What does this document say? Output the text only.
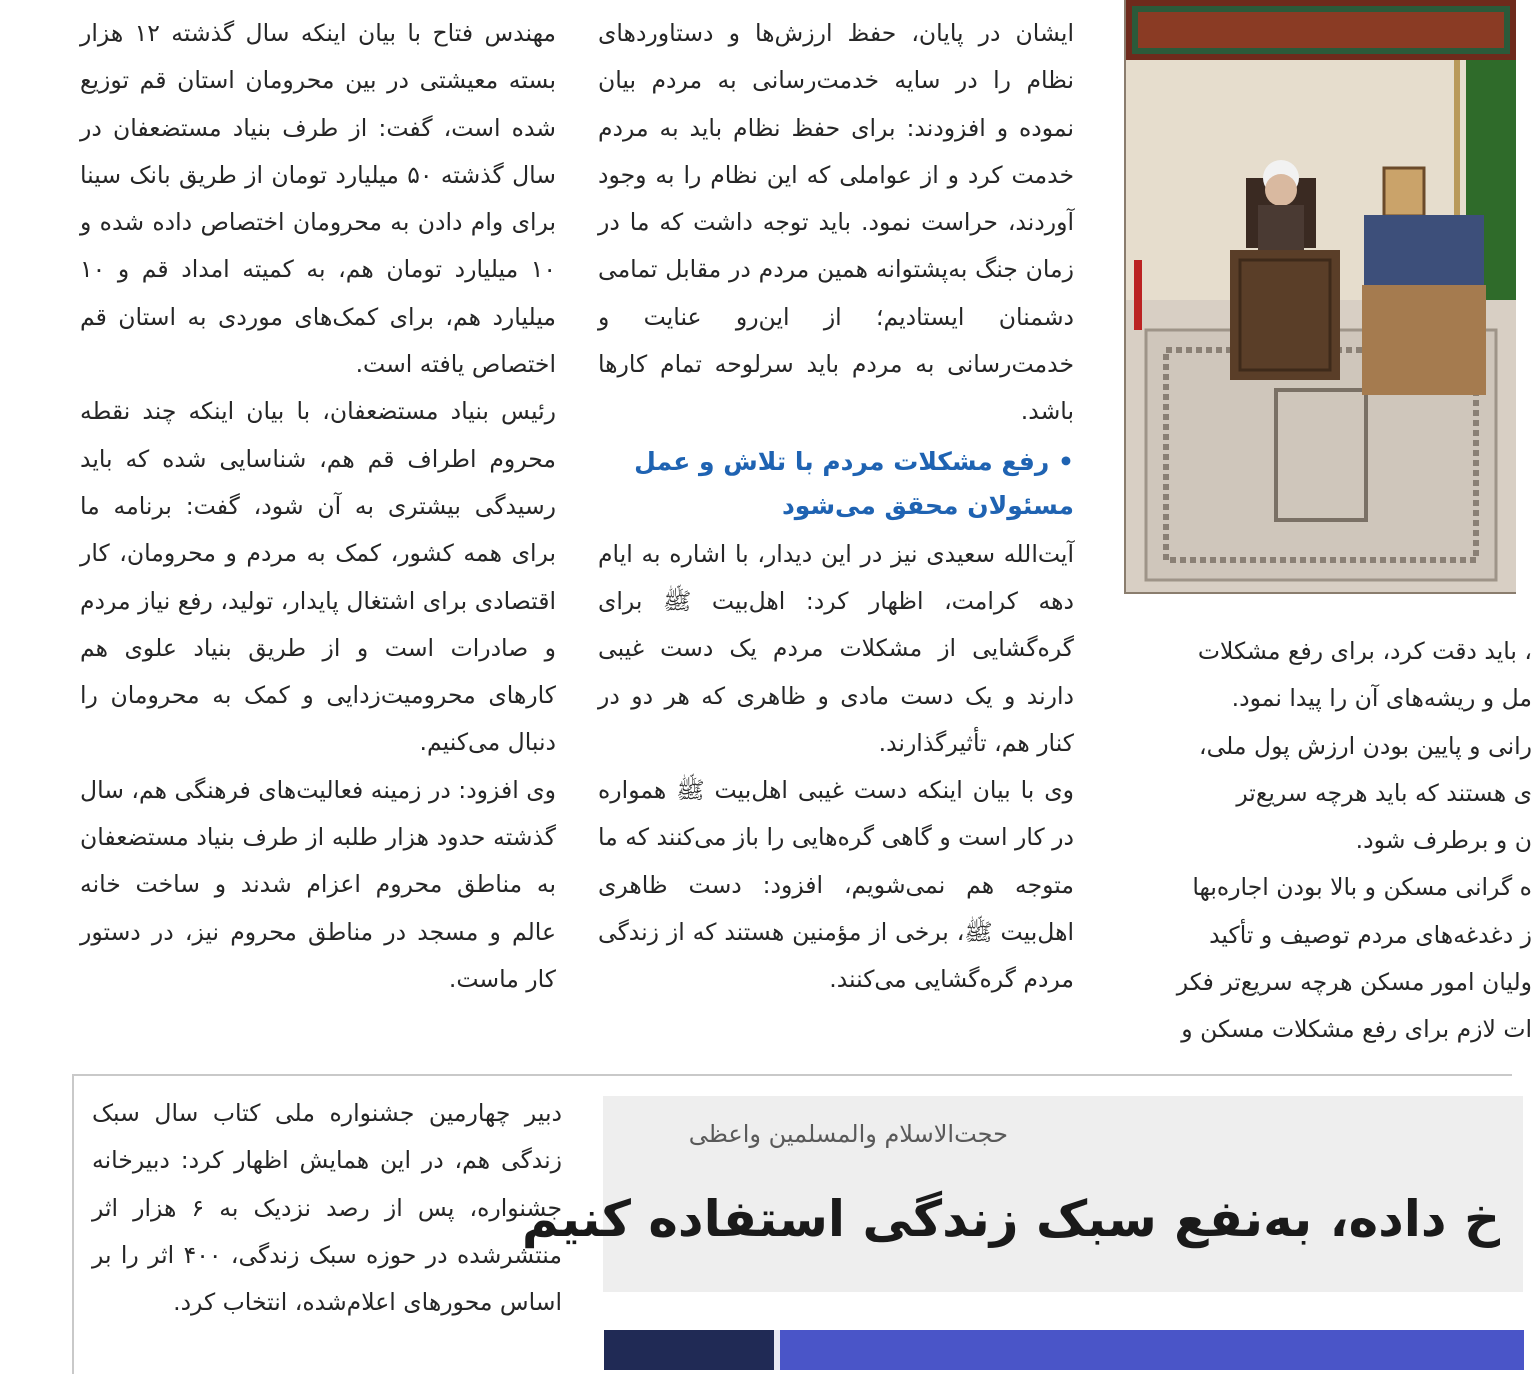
مهندس فتاح با بیان اینکه سال گذشته ۱۲ هزار بسته معیشتی در بین محرومان استان قم توزیع شده است، گفت: از طرف بنیاد مستضعفان در سال گذشته ۵۰ میلیارد تومان از طریق بانک سینا برای وام دادن به محرومان اختصاص داده شده و ۱۰ میلیارد تومان هم، به کمیته امداد قم و ۱۰ میلیارد هم، برای کمک‌های موردی به استان قم اختصاص یافته است.

رئیس بنیاد مستضعفان، با بیان اینکه چند نقطه محروم اطراف قم هم، شناسایی شده که باید رسیدگی بیشتری به آن شود، گفت: برنامه ما برای همه کشور، کمک به مردم و محرومان، کار اقتصادی برای اشتغال پایدار، تولید، رفع نیاز مردم و صادرات است و از طریق بنیاد علوی هم کارهای محرومیت‌زدایی و کمک به محرومان را دنبال می‌کنیم.

وی افزود: در زمینه فعالیت‌های فرهنگی هم، سال گذشته حدود هزار طلبه از طرف بنیاد مستضعفان به مناطق محروم اعزام شدند و ساخت خانه عالم و مسجد در مناطق محروم نیز، در دستور کار ماست.

ایشان در پایان، حفظ ارزش‌ها و دستاوردهای نظام را در سایه خدمت‌رسانی به مردم بیان نموده و افزودند: برای حفظ نظام باید به مردم خدمت کرد و از عواملی که این نظام را به وجود آوردند، حراست نمود. باید توجه داشت که ما در زمان جنگ به‌پشتوانه همین مردم در مقابل تمامی دشمنان ایستادیم؛ از این‌رو عنایت و خدمت‌رسانی به مردم باید سرلوحه تمام کارها باشد.

• رفع مشکلات مردم با تلاش و عمل مسئولان محقق می‌شود

آیت‌الله سعیدی نیز در این دیدار، با اشاره به ایام دهه کرامت، اظهار کرد: اهل‌بیت ﷺ برای گره‌گشایی از مشکلات مردم یک دست غیبی دارند و یک دست مادی و ظاهری که هر دو در کنار هم، تأثیرگذارند.

وی با بیان اینکه دست غیبی اهل‌بیت ﷺ همواره در کار است و گاهی گره‌هایی را باز می‌کنند که ما متوجه هم نمی‌شویم، افزود: دست ظاهری اهل‌بیت ﷺ، برخی از مؤمنین هستند که از زندگی مردم گره‌گشایی می‌کنند.

، باید دقت کرد، برای رفع مشکلات

مل و ریشه‌های آن را پیدا نمود.

رانی و پایین بودن ارزش پول ملی،

ی هستند که باید هرچه سریع‌تر

ن و برطرف شود.

ه گرانی مسکن و بالا بودن اجاره‌بها

ز دغدغه‌های مردم توصیف و تأکید

ولیان امور مسکن هرچه سریع‌تر فکر

ات لازم برای رفع مشکلات مسکن و

دبیر چهارمین جشنواره ملی کتاب سال سبک زندگی هم، در این همایش اظهار کرد: دبیرخانه جشنواره، پس از رصد نزدیک به ۶ هزار اثر منتشرشده در حوزه سبک زندگی، ۴۰۰ اثر را بر اساس محورهای اعلام‌شده، انتخاب کرد.

حجت‌الاسلام والمسلمین واعظی
خ داده، به‌نفع سبک زندگی استفاده کنیم
